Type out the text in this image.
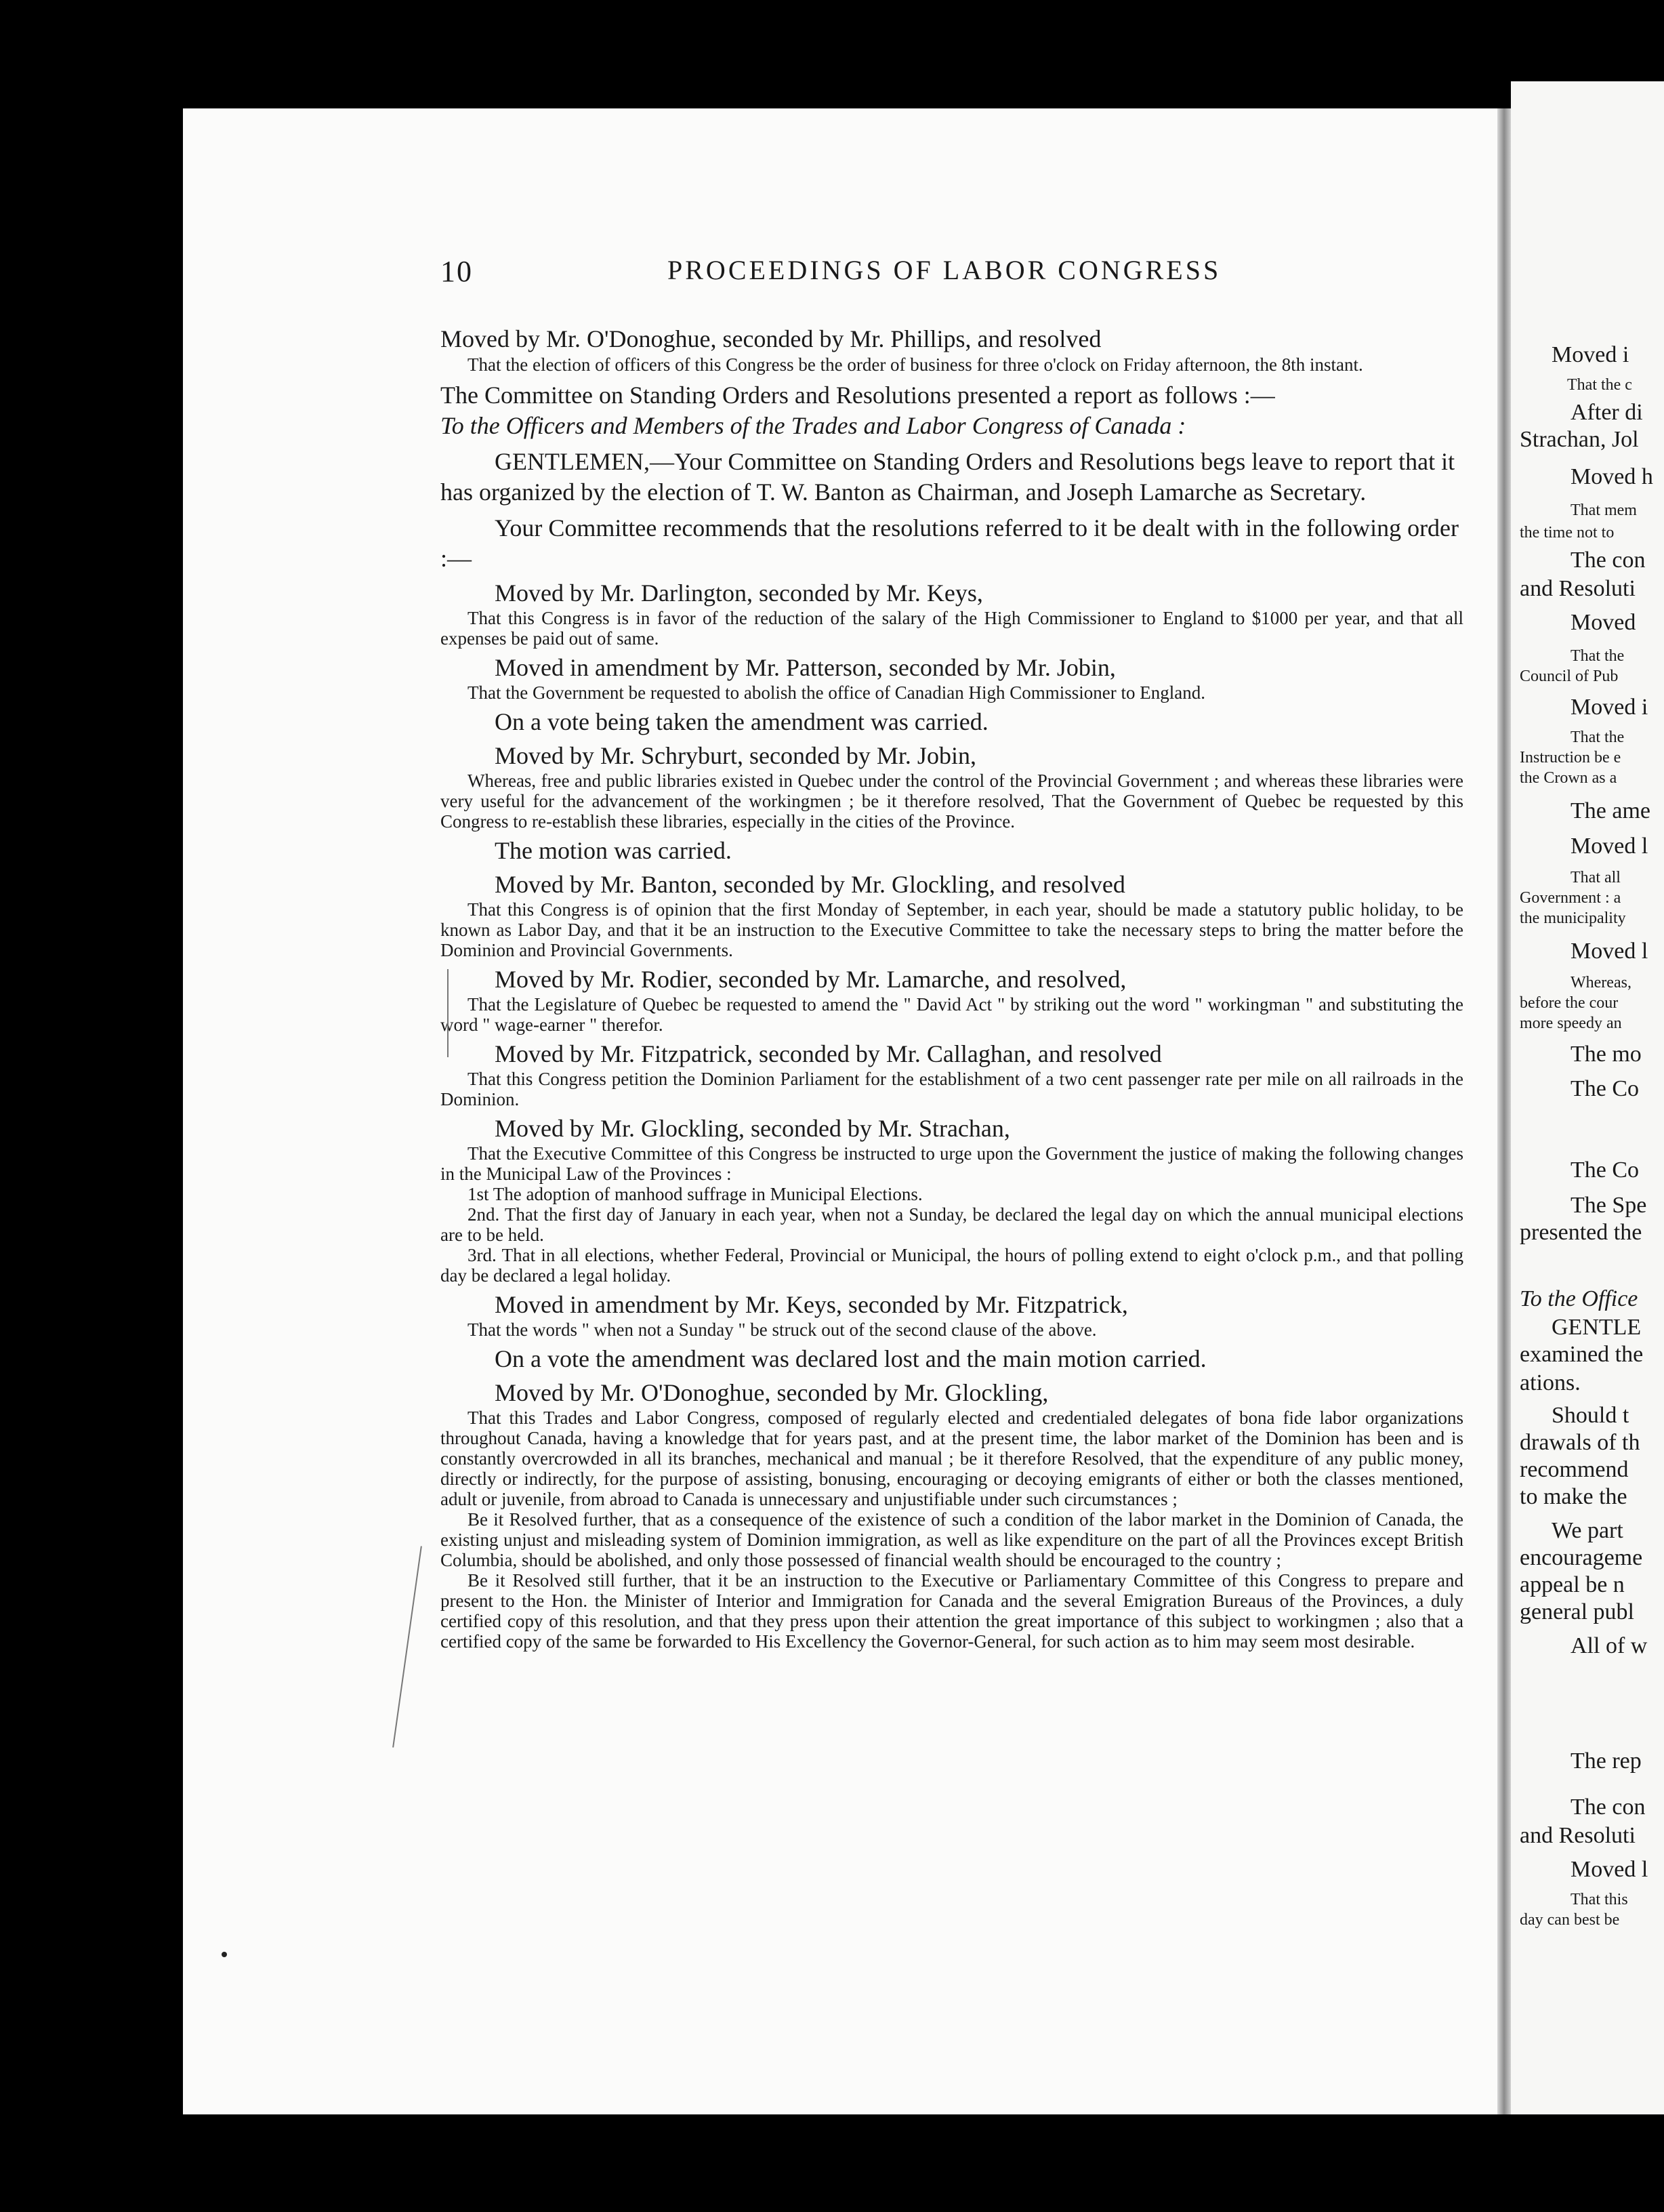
10	PROCEEDINGS OF LABOR CONGRESS

Moved by Mr. O'Donoghue, seconded by Mr. Phillips, and resolved

That the election of officers of this Congress be the order of business for three o'clock on Friday afternoon, the 8th instant.

The Committee on Standing Orders and Resolutions presented a report as follows :—

To the Officers and Members of the Trades and Labor Congress of Canada :

GENTLEMEN,—Your Committee on Standing Orders and Resolutions begs leave to report that it has organized by the election of T. W. Banton as Chairman, and Joseph Lamarche as Secretary.

Your Committee recommends that the resolutions referred to it be dealt with in the following order :—

Moved by Mr. Darlington, seconded by Mr. Keys,

That this Congress is in favor of the reduction of the salary of the High Commissioner to England to $1000 per year, and that all expenses be paid out of same.

Moved in amendment by Mr. Patterson, seconded by Mr. Jobin,

That the Government be requested to abolish the office of Canadian High Commissioner to England.

On a vote being taken the amendment was carried.

Moved by Mr. Schryburt, seconded by Mr. Jobin,

Whereas, free and public libraries existed in Quebec under the control of the Provincial Government ; and whereas these libraries were very useful for the advancement of the workingmen ; be it therefore resolved, That the Government of Quebec be requested by this Congress to re-establish these libraries, especially in the cities of the Province.

The motion was carried.

Moved by Mr. Banton, seconded by Mr. Glockling, and resolved

That this Congress is of opinion that the first Monday of September, in each year, should be made a statutory public holiday, to be known as Labor Day, and that it be an instruction to the Executive Committee to take the necessary steps to bring the matter before the Dominion and Provincial Governments.

Moved by Mr. Rodier, seconded by Mr. Lamarche, and resolved,

That the Legislature of Quebec be requested to amend the " David Act " by striking out the word " workingman " and substituting the word " wage-earner " therefor.

Moved by Mr. Fitzpatrick, seconded by Mr. Callaghan, and resolved

That this Congress petition the Dominion Parliament for the establishment of a two cent passenger rate per mile on all railroads in the Dominion.

Moved by Mr. Glockling, seconded by Mr. Strachan,

That the Executive Committee of this Congress be instructed to urge upon the Government the justice of making the following changes in the Municipal Law of the Provinces :

1st The adoption of manhood suffrage in Municipal Elections.

2nd. That the first day of January in each year, when not a Sunday, be declared the legal day on which the annual municipal elections are to be held.

3rd. That in all elections, whether Federal, Provincial or Municipal, the hours of polling extend to eight o'clock p.m., and that polling day be declared a legal holiday.

Moved in amendment by Mr. Keys, seconded by Mr. Fitzpatrick,

That the words " when not a Sunday " be struck out of the second clause of the above.

On a vote the amendment was declared lost and the main motion carried.

Moved by Mr. O'Donoghue, seconded by Mr. Glockling,

That this Trades and Labor Congress, composed of regularly elected and credentialed delegates of bona fide labor organizations throughout Canada, having a knowledge that for years past, and at the present time, the labor market of the Dominion has been and is constantly overcrowded in all its branches, mechanical and manual ; be it therefore Resolved, that the expenditure of any public money, directly or indirectly, for the purpose of assisting, bonusing, encouraging or decoying emigrants of either or both the classes mentioned, adult or juvenile, from abroad to Canada is unnecessary and unjustifiable under such circumstances ;

Be it Resolved further, that as a consequence of the existence of such a condition of the labor market in the Dominion of Canada, the existing unjust and misleading system of Dominion immigration, as well as like expenditure on the part of all the Provinces except British Columbia, should be abolished, and only those possessed of financial wealth should be encouraged to the country ;

Be it Resolved still further, that it be an instruction to the Executive or Parliamentary Committee of this Congress to prepare and present to the Hon. the Minister of Interior and Immigration for Canada and the several Emigration Bureaus of the Provinces, a duly certified copy of this resolution, and that they press upon their attention the great importance of this subject to workingmen ; also that a certified copy of the same be forwarded to His Excellency the Governor-General, for such action as to him may seem most desirable.

Moved i
That the c
After di
Strachan, Jol
Moved h
That mem
the time not to
The con
and Resoluti
Moved
That the
Council of Pub
Moved i
That the
Instruction be e
the Crown as a
The ame
Moved l
That all
Government : a
the municipality
Moved l
Whereas,
before the cour
more speedy an
The mo
The Co
The Co
The Spe
presented the
To the Office
GENTLE
examined the
ations.
Should t
drawals of th
recommend
to make the
We part
encourageme
appeal be n
general publ
All of w
The rep
The con
and Resoluti
Moved l
That this
day can best be
